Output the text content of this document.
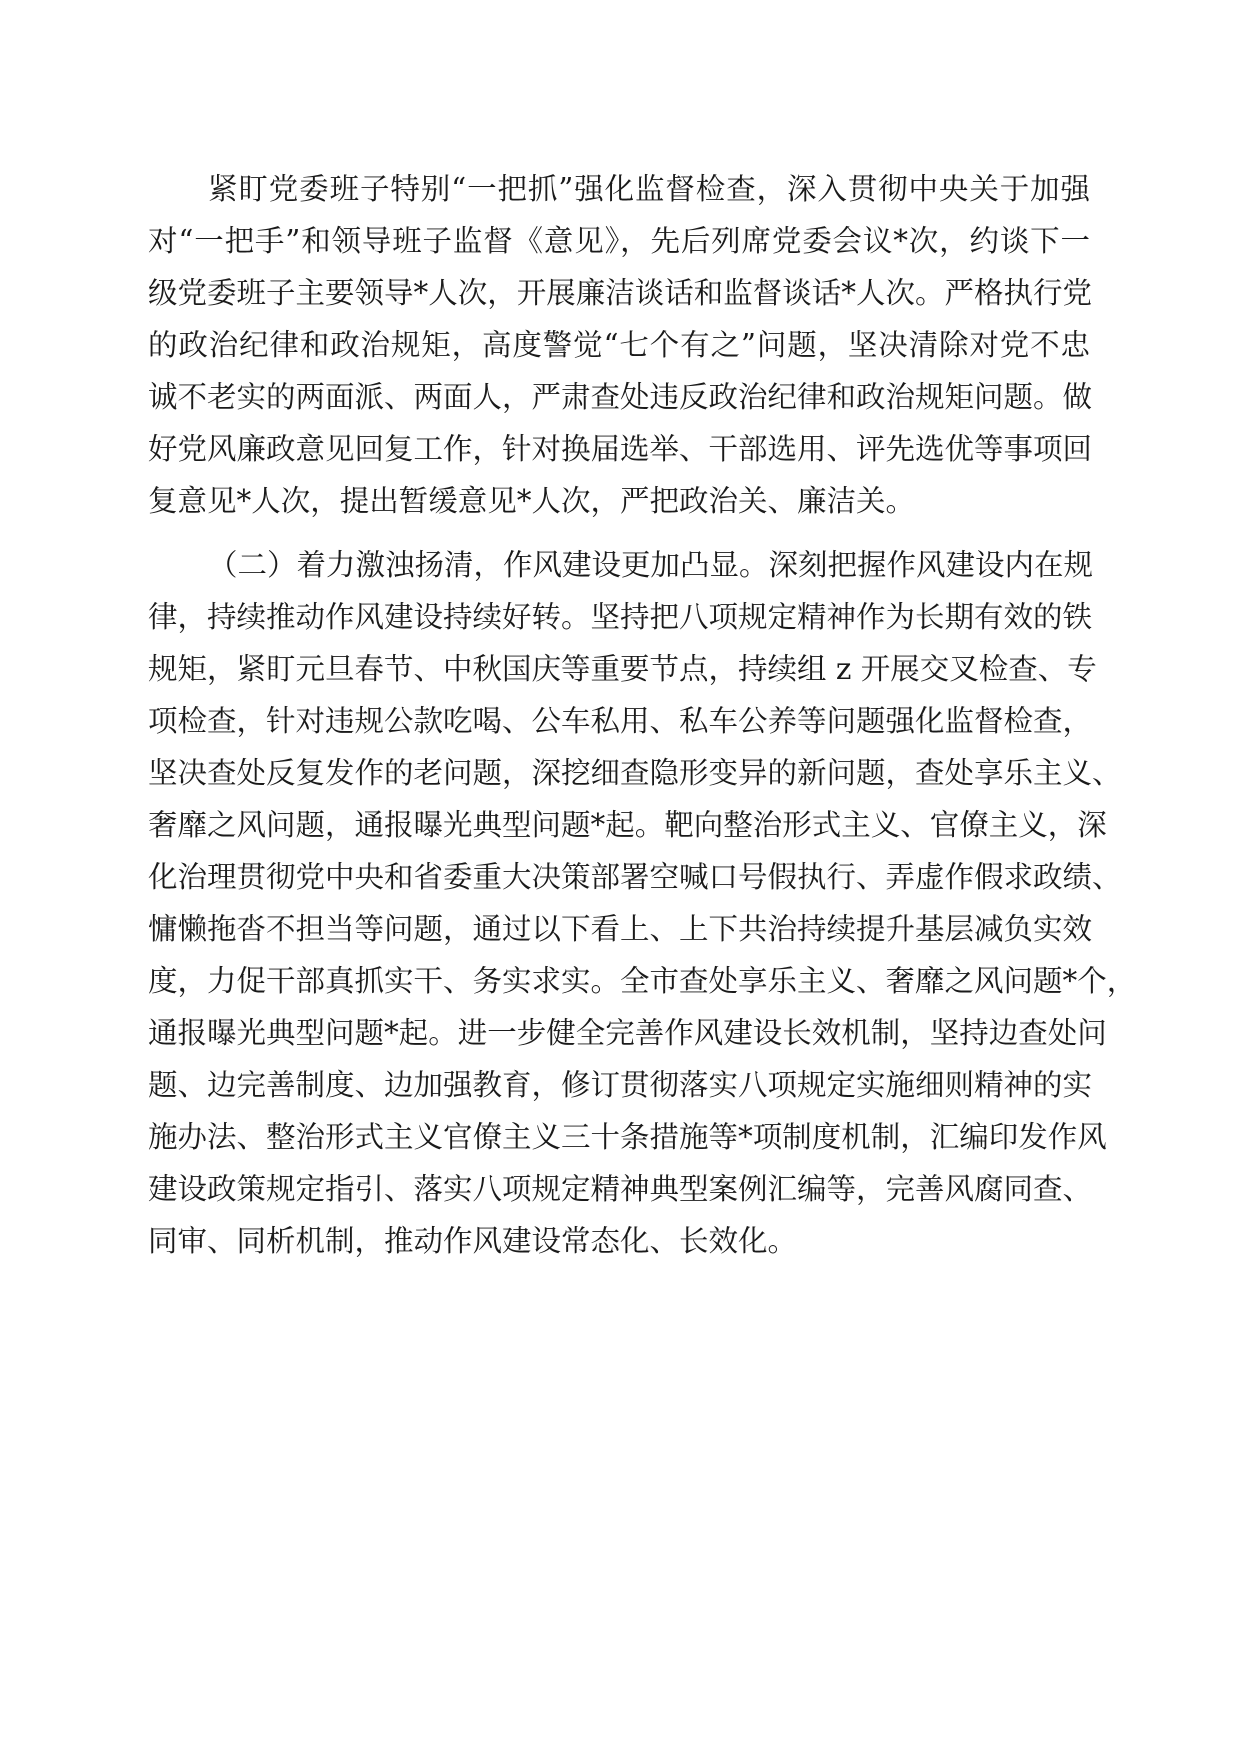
紧盯党委班子特别“一把抓”强化监督检查，深入贯彻中央关于加强
对“一把手”和领导班子监督《意见》，先后列席党委会议*次，约谈下一
级党委班子主要领导*人次，开展廉洁谈话和监督谈话*人次。严格执行党
的政治纪律和政治规矩，高度警觉“七个有之”问题，坚决清除对党不忠
诚不老实的两面派、两面人，严肃查处违反政治纪律和政治规矩问题。做
好党风廉政意见回复工作，针对换届选举、干部选用、评先选优等事项回
复意见*人次，提出暂缓意见*人次，严把政治关、廉洁关。
（二）着力激浊扬清，作风建设更加凸显。深刻把握作风建设内在规
律，持续推动作风建设持续好转。坚持把八项规定精神作为长期有效的铁
规矩，紧盯元旦春节、中秋国庆等重要节点，持续组 z 开展交叉检查、专
项检查，针对违规公款吃喝、公车私用、私车公养等问题强化监督检查，
坚决查处反复发作的老问题，深挖细查隐形变异的新问题，查处享乐主义、
奢靡之风问题，通报曝光典型问题*起。靶向整治形式主义、官僚主义，深
化治理贯彻党中央和省委重大决策部署空喊口号假执行、弄虚作假求政绩、
慵懒拖沓不担当等问题，通过以下看上、上下共治持续提升基层减负实效
度，力促干部真抓实干、务实求实。全市查处享乐主义、奢靡之风问题*个，
通报曝光典型问题*起。进一步健全完善作风建设长效机制，坚持边查处问
题、边完善制度、边加强教育，修订贯彻落实八项规定实施细则精神的实
施办法、整治形式主义官僚主义三十条措施等*项制度机制，汇编印发作风
建设政策规定指引、落实八项规定精神典型案例汇编等，完善风腐同查、
同审、同析机制，推动作风建设常态化、长效化。
